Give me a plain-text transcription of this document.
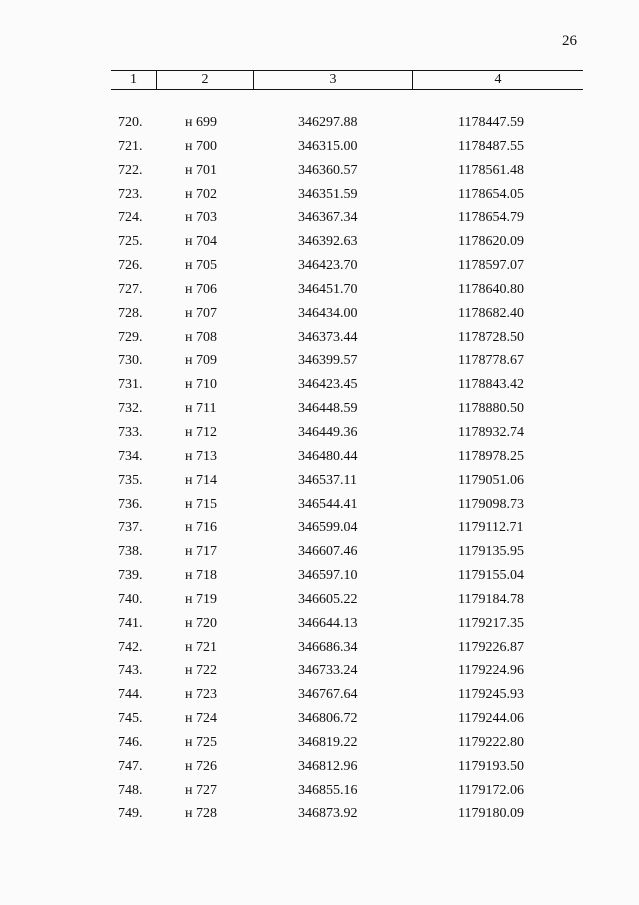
26
1	2	3	4
720.	н 699	346297.88	1178447.59
721.	н 700	346315.00	1178487.55
722.	н 701	346360.57	1178561.48
723.	н 702	346351.59	1178654.05
724.	н 703	346367.34	1178654.79
725.	н 704	346392.63	1178620.09
726.	н 705	346423.70	1178597.07
727.	н 706	346451.70	1178640.80
728.	н 707	346434.00	1178682.40
729.	н 708	346373.44	1178728.50
730.	н 709	346399.57	1178778.67
731.	н 710	346423.45	1178843.42
732.	н 711	346448.59	1178880.50
733.	н 712	346449.36	1178932.74
734.	н 713	346480.44	1178978.25
735.	н 714	346537.11	1179051.06
736.	н 715	346544.41	1179098.73
737.	н 716	346599.04	1179112.71
738.	н 717	346607.46	1179135.95
739.	н 718	346597.10	1179155.04
740.	н 719	346605.22	1179184.78
741.	н 720	346644.13	1179217.35
742.	н 721	346686.34	1179226.87
743.	н 722	346733.24	1179224.96
744.	н 723	346767.64	1179245.93
745.	н 724	346806.72	1179244.06
746.	н 725	346819.22	1179222.80
747.	н 726	346812.96	1179193.50
748.	н 727	346855.16	1179172.06
749.	н 728	346873.92	1179180.09
